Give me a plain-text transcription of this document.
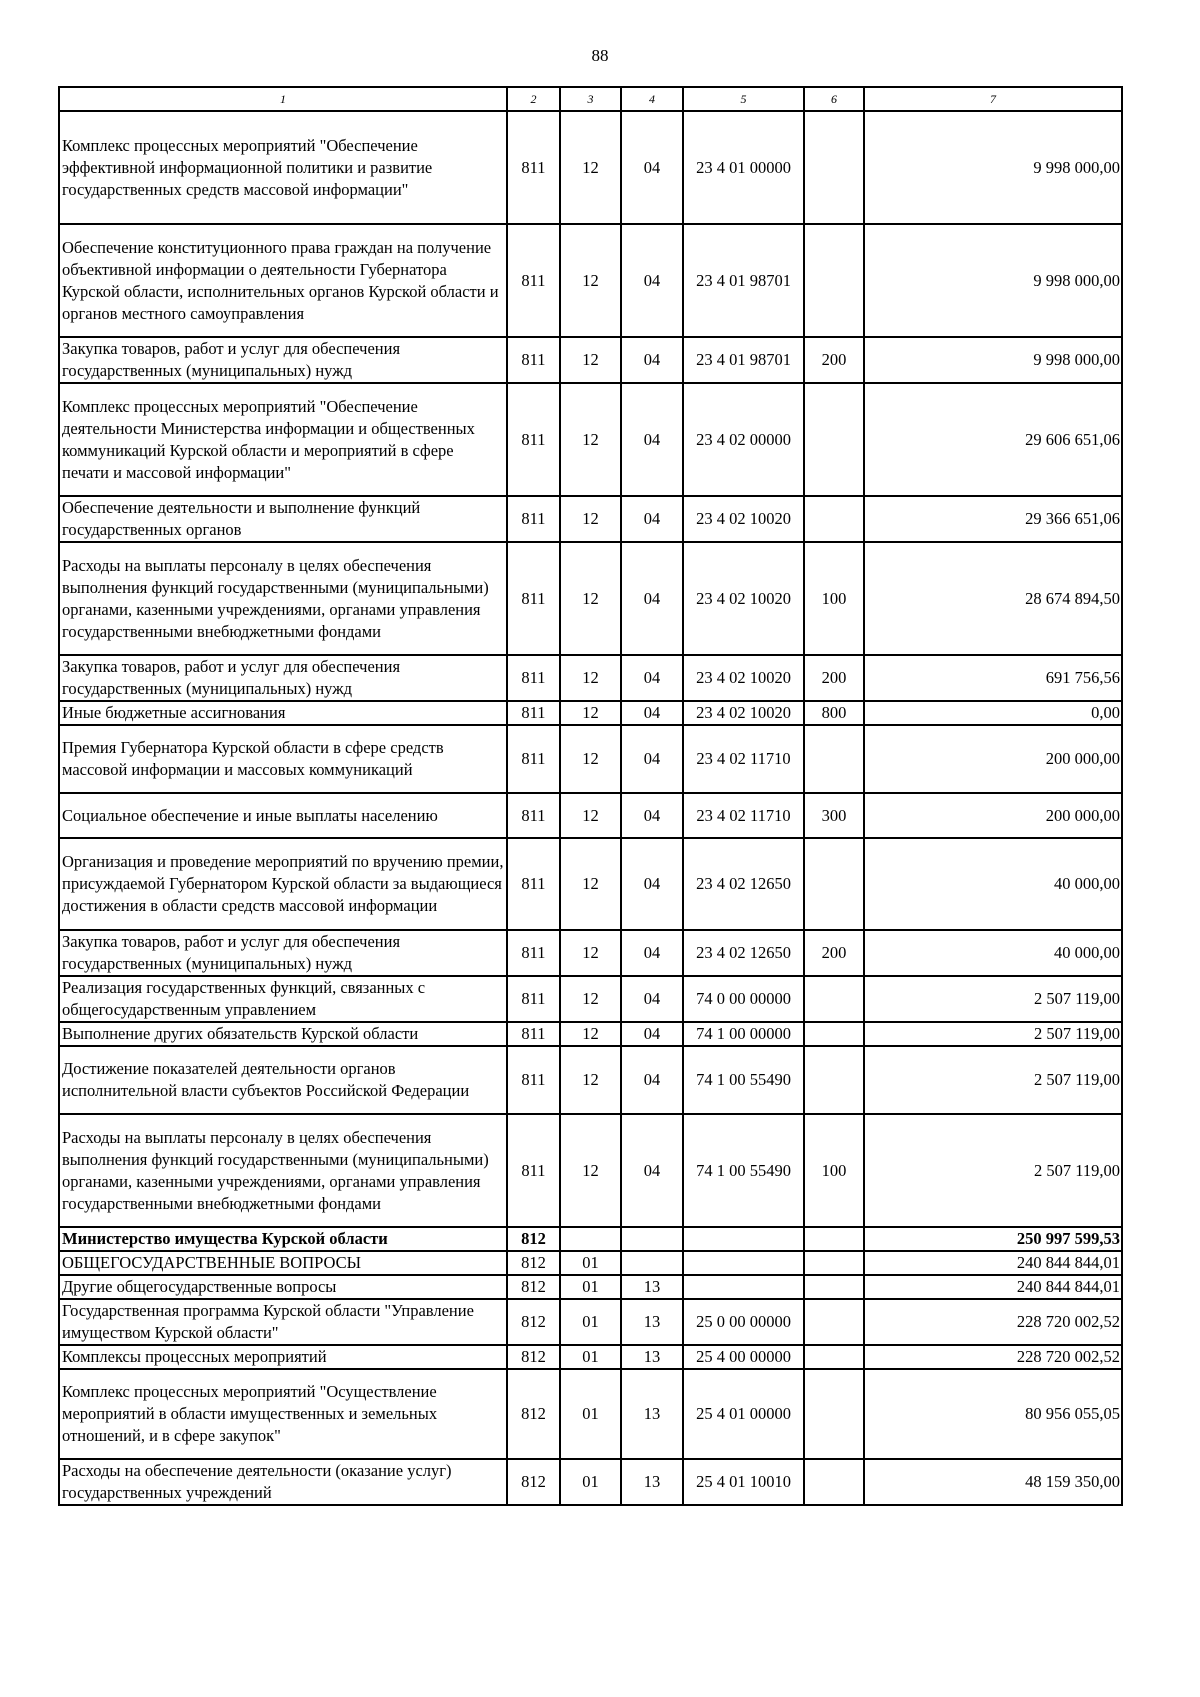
88
1	2	3	4	5	6	7
Комплекс процессных мероприятий "Обеспечение эффективной информационной политики и развитие государственных средств массовой информации"	811	12	04	23 4 01 00000		9 998 000,00
Обеспечение конституционного права граждан на получение объективной информации о деятельности Губернатора Курской области, исполнительных органов Курской области и органов местного самоуправления	811	12	04	23 4 01 98701		9 998 000,00
Закупка товаров, работ и услуг для обеспечения государственных (муниципальных) нужд	811	12	04	23 4 01 98701	200	9 998 000,00
Комплекс процессных мероприятий "Обеспечение деятельности Министерства информации и общественных коммуникаций Курской области и мероприятий в сфере печати и массовой информации"	811	12	04	23 4 02 00000		29 606 651,06
Обеспечение деятельности и выполнение функций государственных органов	811	12	04	23 4 02 10020		29 366 651,06
Расходы на выплаты персоналу в целях обеспечения выполнения функций государственными (муниципальными) органами, казенными учреждениями, органами управления государственными внебюджетными фондами	811	12	04	23 4 02 10020	100	28 674 894,50
Закупка товаров, работ и услуг для обеспечения государственных (муниципальных) нужд	811	12	04	23 4 02 10020	200	691 756,56
Иные бюджетные ассигнования	811	12	04	23 4 02 10020	800	0,00
Премия Губернатора Курской области в сфере средств массовой информации и массовых коммуникаций	811	12	04	23 4 02 11710		200 000,00
Социальное обеспечение и иные выплаты населению	811	12	04	23 4 02 11710	300	200 000,00
Организация и проведение мероприятий по вручению премии, присуждаемой Губернатором Курской области за выдающиеся достижения в области средств массовой информации	811	12	04	23 4 02 12650		40 000,00
Закупка товаров, работ и услуг для обеспечения государственных (муниципальных) нужд	811	12	04	23 4 02 12650	200	40 000,00
Реализация государственных функций, связанных с общегосударственным управлением	811	12	04	74 0 00 00000		2 507 119,00
Выполнение других обязательств Курской области	811	12	04	74 1 00 00000		2 507 119,00
Достижение показателей деятельности органов исполнительной власти субъектов Российской Федерации	811	12	04	74 1 00 55490		2 507 119,00
Расходы на выплаты персоналу в целях обеспечения выполнения функций государственными (муниципальными) органами, казенными учреждениями, органами управления государственными внебюджетными фондами	811	12	04	74 1 00 55490	100	2 507 119,00
Министерство имущества Курской области	812					250 997 599,53
ОБЩЕГОСУДАРСТВЕННЫЕ ВОПРОСЫ	812	01				240 844 844,01
Другие общегосударственные вопросы	812	01	13			240 844 844,01
Государственная программа Курской области "Управление имуществом Курской области"	812	01	13	25 0 00 00000		228 720 002,52
Комплексы процессных мероприятий	812	01	13	25 4 00 00000		228 720 002,52
Комплекс процессных мероприятий "Осуществление мероприятий в области имущественных и земельных отношений, и в сфере закупок"	812	01	13	25 4 01 00000		80 956 055,05
Расходы на обеспечение деятельности (оказание услуг) государственных учреждений	812	01	13	25 4 01 10010		48 159 350,00
